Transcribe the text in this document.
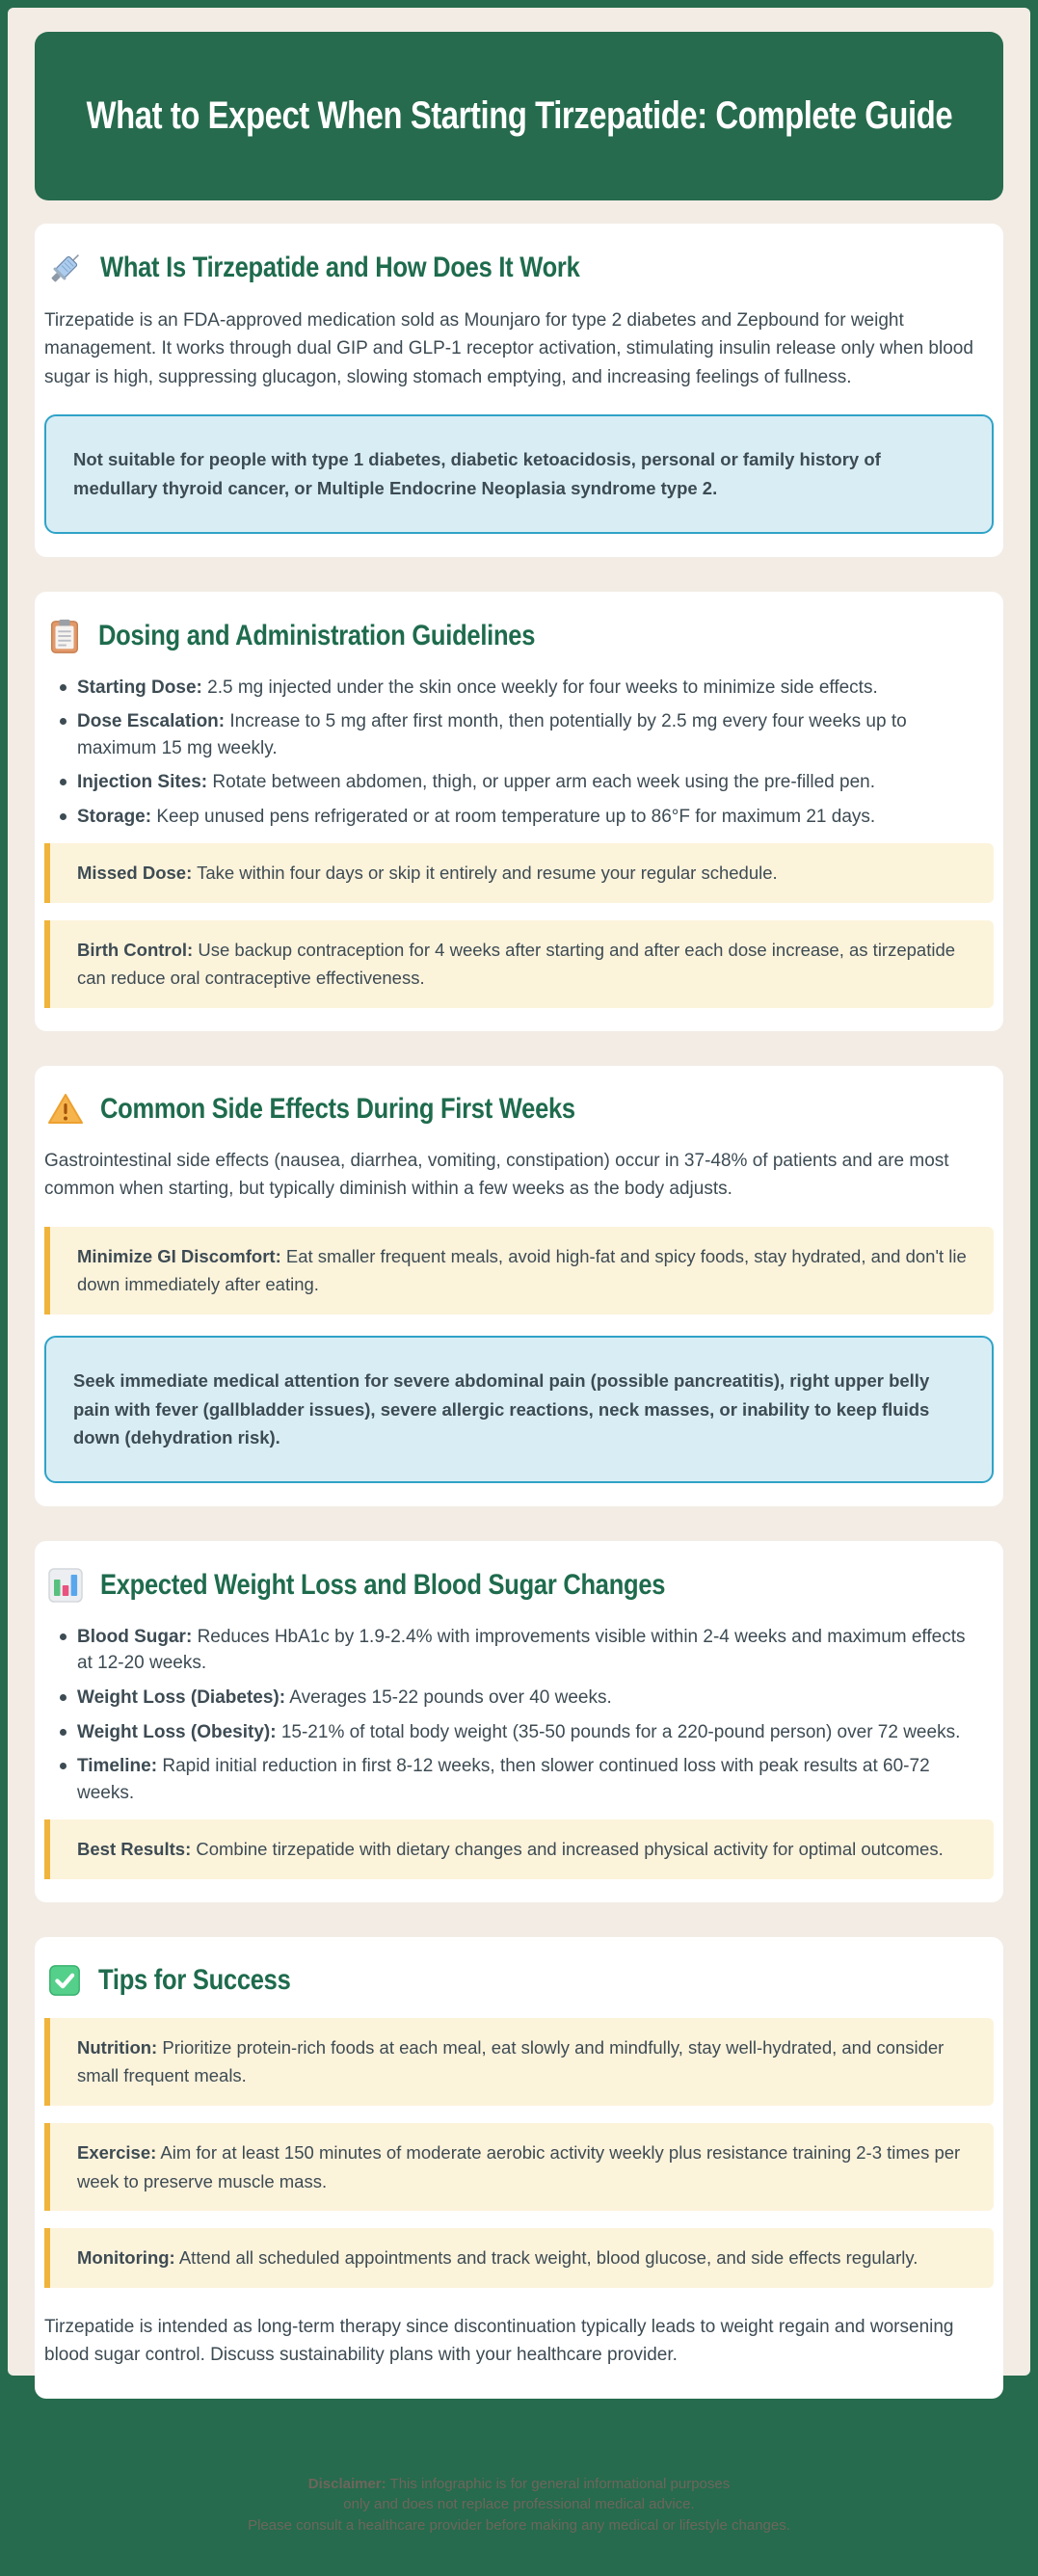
What to Expect When Starting Tirzepatide: Complete Guide
What Is Tirzepatide and How Does It Work

Tirzepatide is an FDA-approved medication sold as Mounjaro for type 2 diabetes and Zepbound for weight management. It works through dual GIP and GLP-1 receptor activation, stimulating insulin release only when blood sugar is high, suppressing glucagon, slowing stomach emptying, and increasing feelings of fullness.

Not suitable for people with type 1 diabetes, diabetic ketoacidosis, personal or family history of medullary thyroid cancer, or Multiple Endocrine Neoplasia syndrome type 2.
Dosing and Administration Guidelines
Starting Dose: 2.5 mg injected under the skin once weekly for four weeks to minimize side effects.
Dose Escalation: Increase to 5 mg after first month, then potentially by 2.5 mg every four weeks up to maximum 15 mg weekly.
Injection Sites: Rotate between abdomen, thigh, or upper arm each week using the pre-filled pen.
Storage: Keep unused pens refrigerated or at room temperature up to 86°F for maximum 21 days.
Missed Dose: Take within four days or skip it entirely and resume your regular schedule.
Birth Control: Use backup contraception for 4 weeks after starting and after each dose increase, as tirzepatide can reduce oral contraceptive effectiveness.
Common Side Effects During First Weeks

Gastrointestinal side effects (nausea, diarrhea, vomiting, constipation) occur in 37-48% of patients and are most common when starting, but typically diminish within a few weeks as the body adjusts.

Minimize GI Discomfort: Eat smaller frequent meals, avoid high-fat and spicy foods, stay hydrated, and don't lie down immediately after eating.
Seek immediate medical attention for severe abdominal pain (possible pancreatitis), right upper belly pain with fever (gallbladder issues), severe allergic reactions, neck masses, or inability to keep fluids down (dehydration risk).
Expected Weight Loss and Blood Sugar Changes
Blood Sugar: Reduces HbA1c by 1.9-2.4% with improvements visible within 2-4 weeks and maximum effects at 12-20 weeks.
Weight Loss (Diabetes): Averages 15-22 pounds over 40 weeks.
Weight Loss (Obesity): 15-21% of total body weight (35-50 pounds for a 220-pound person) over 72 weeks.
Timeline: Rapid initial reduction in first 8-12 weeks, then slower continued loss with peak results at 60-72 weeks.
Best Results: Combine tirzepatide with dietary changes and increased physical activity for optimal outcomes.
Tips for Success
Nutrition: Prioritize protein-rich foods at each meal, eat slowly and mindfully, stay well-hydrated, and consider small frequent meals.
Exercise: Aim for at least 150 minutes of moderate aerobic activity weekly plus resistance training 2-3 times per week to preserve muscle mass.
Monitoring: Attend all scheduled appointments and track weight, blood glucose, and side effects regularly.

Tirzepatide is intended as long-term therapy since discontinuation typically leads to weight regain and worsening blood sugar control. Discuss sustainability plans with your healthcare provider.

Disclaimer: This infographic is for general informational purposes
only and does not replace professional medical advice.
Please consult a healthcare provider before making any medical or lifestyle changes.
